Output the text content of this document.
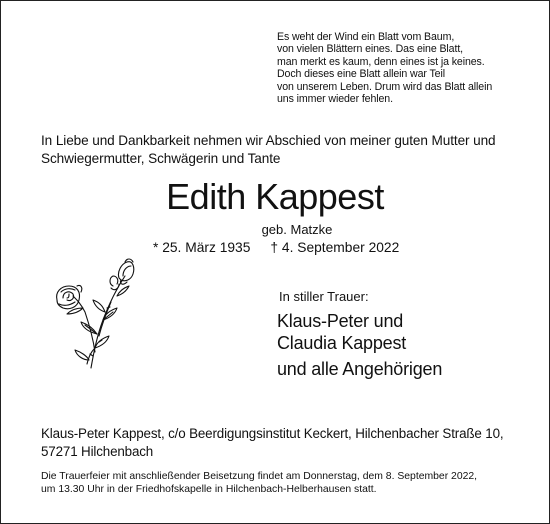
Es weht der Wind ein Blatt vom Baum,
von vielen Blättern eines. Das eine Blatt,
man merkt es kaum, denn eines ist ja keines.
Doch dieses eine Blatt allein war Teil
von unserem Leben. Drum wird das Blatt allein
uns immer wieder fehlen.
In Liebe und Dankbarkeit nehmen wir Abschied von meiner guten Mutter und
Schwiegermutter, Schwägerin und Tante
Edith Kappest
geb. Matzke
* 25. März 1935 † 4. September 2022
In stiller Trauer:
Klaus-Peter und
Claudia Kappest
und alle Angehörigen
Klaus-Peter Kappest, c/o Beerdigungsinstitut Keckert, Hilchenbacher Straße 10,
57271 Hilchenbach
Die Trauerfeier mit anschließender Beisetzung findet am Donnerstag, dem 8. September 2022,
um 13.30 Uhr in der Friedhofskapelle in Hilchenbach-Helberhausen statt.
